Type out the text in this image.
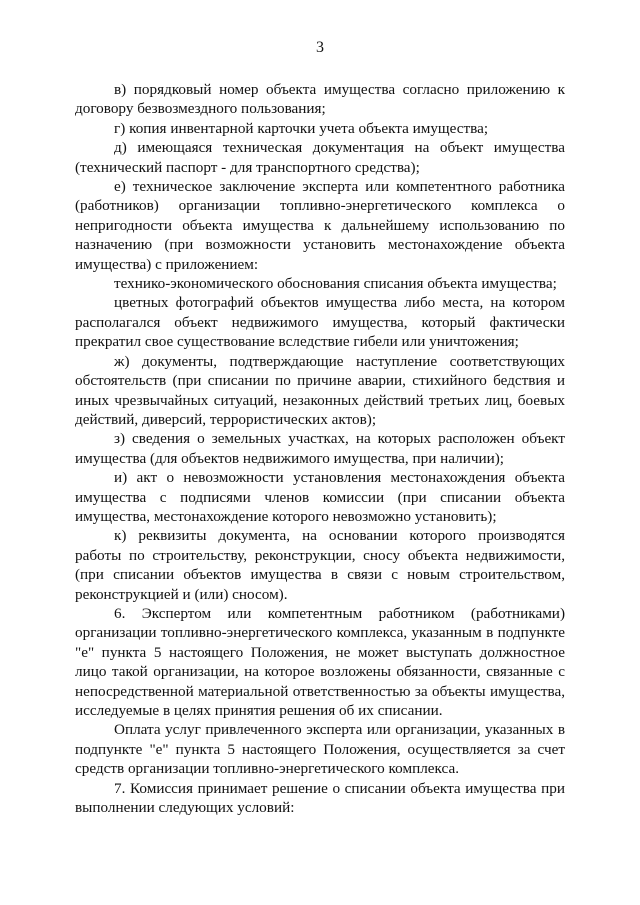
3

в) порядковый номер объекта имущества согласно приложению к договору безвозмездного пользования;

г) копия инвентарной карточки учета объекта имущества;

д) имеющаяся техническая документация на объект имущества (технический паспорт - для транспортного средства);

е) техническое заключение эксперта или компетентного работника (работников) организации топливно-энергетического комплекса о непригодности объекта имущества к дальнейшему использованию по назначению (при возможности установить местонахождение объекта имущества) с приложением:

технико-экономического обоснования списания объекта имущества;

цветных фотографий объектов имущества либо места, на котором располагался объект недвижимого имущества, который фактически прекратил свое существование вследствие гибели или уничтожения;

ж) документы, подтверждающие наступление соответствующих обстоятельств (при списании по причине аварии, стихийного бедствия и иных чрезвычайных ситуаций, незаконных действий третьих лиц, боевых действий, диверсий, террористических актов);

з) сведения о земельных участках, на которых расположен объект имущества (для объектов недвижимого имущества, при наличии);

и) акт о невозможности установления местонахождения объекта имущества с подписями членов комиссии (при списании объекта имущества, местонахождение которого невозможно установить);

к) реквизиты документа, на основании которого производятся работы по строительству, реконструкции, сносу объекта недвижимости, (при списании объектов имущества в связи с новым строительством, реконструкцией и (или) сносом).

6. Экспертом или компетентным работником (работниками) организации топливно-энергетического комплекса, указанным в подпункте "е" пункта 5 настоящего Положения, не может выступать должностное лицо такой организации, на которое возложены обязанности, связанные с непосредственной материальной ответственностью за объекты имущества, исследуемые в целях принятия решения об их списании.

Оплата услуг привлеченного эксперта или организации, указанных в подпункте "е" пункта 5 настоящего Положения, осуществляется за счет средств организации топливно-энергетического комплекса.

7. Комиссия принимает решение о списании объекта имущества при выполнении следующих условий:
